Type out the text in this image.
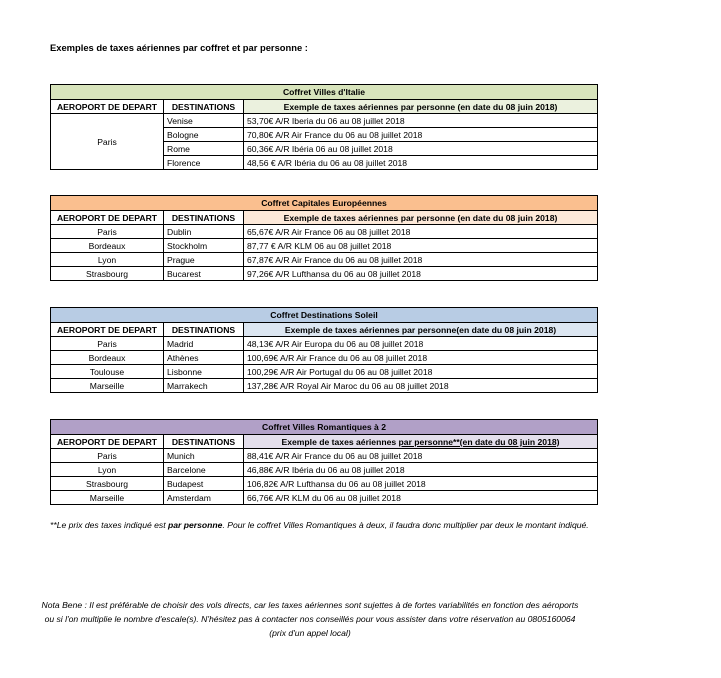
Exemples de taxes aériennes par coffret et par personne :
Coffret Villes d'Italie		
AEROPORT DE DEPART	DESTINATIONS	Exemple de taxes aériennes par personne (en date du 08 juin 2018)
Paris	Venise	53,70€ A/R Iberia du 06 au 08 juillet 2018
	Bologne	70,80€ A/R Air France du 06 au 08 juillet 2018
	Rome	60,36€ A/R Ibéria 06 au 08 juillet 2018
	Florence	48,56 € A/R Ibéria du 06 au 08 juillet 2018
Coffret Capitales Européennes		
AEROPORT DE DEPART	DESTINATIONS	Exemple de taxes aériennes par personne (en date du 08 juin 2018)
Paris	Dublin	65,67€ A/R Air France 06 au 08 juillet 2018
Bordeaux	Stockholm	87,77 € A/R KLM 06 au 08 juillet 2018
Lyon	Prague	67,87€ A/R Air France du 06 au 08 juillet 2018
Strasbourg	Bucarest	97,26€ A/R Lufthansa du 06 au 08 juillet 2018
Coffret Destinations Soleil		
AEROPORT DE DEPART	DESTINATIONS	Exemple de taxes aériennes par personne(en date du 08 juin 2018)
Paris	Madrid	48,13€ A/R Air Europa du 06 au 08 juillet 2018
Bordeaux	Athènes	100,69€ A/R Air France du 06 au 08 juillet 2018
Toulouse	Lisbonne	100,29€ A/R Air Portugal du 06 au 08 juillet 2018
Marseille	Marrakech	137,28€ A/R Royal Air Maroc du 06 au 08 juillet 2018
Coffret Villes Romantiques à 2		
AEROPORT DE DEPART	DESTINATIONS	Exemple de taxes aériennes par personne**(en date du 08 juin 2018)
Paris	Munich	88,41€ A/R Air France du 06 au 08 juillet 2018
Lyon	Barcelone	46,88€ A/R Ibéria du 06 au 08 juillet 2018
Strasbourg	Budapest	106,82€ A/R Lufthansa du 06 au 08 juillet 2018
Marseille	Amsterdam	66,76€ A/R KLM du 06 au 08 juillet 2018
**Le prix des taxes indiqué est par personne. Pour le coffret Villes Romantiques à deux, il faudra donc multiplier par deux le montant indiqué.
Nota Bene : Il est préférable de choisir des vols directs, car les taxes aériennes sont sujettes à de fortes variabilités en fonction des aéroports ou si l'on multiplie le nombre d'escale(s). N'hésitez pas à contacter nos conseillés pour vous assister dans votre réservation au 0805160064 (prix d'un appel local)
